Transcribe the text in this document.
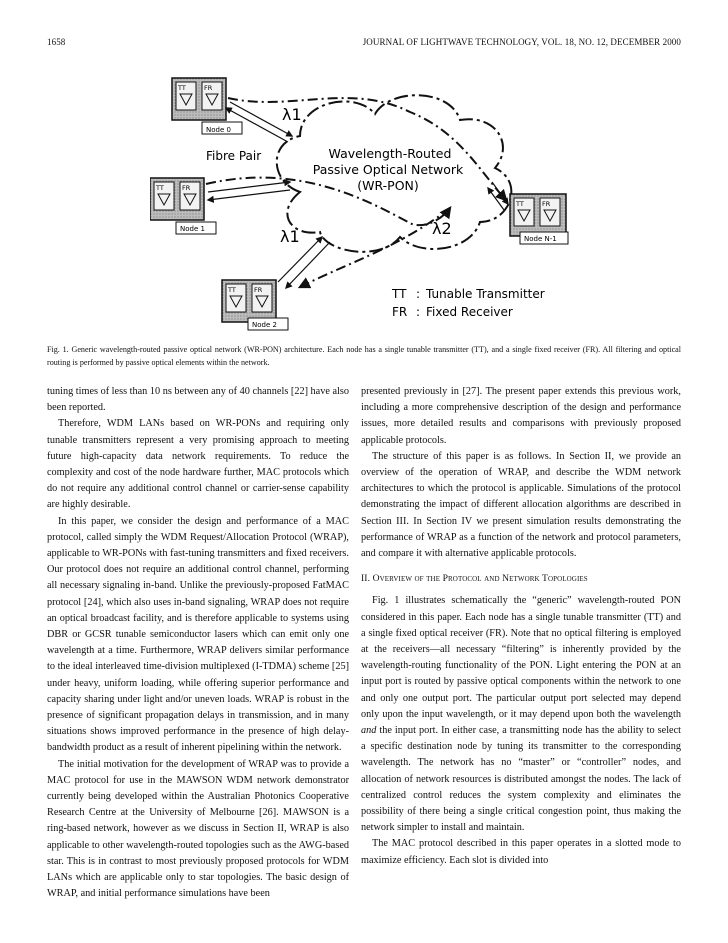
1658	JOURNAL OF LIGHTWAVE TECHNOLOGY, VOL. 18, NO. 12, DECEMBER 2000
Wavelength-Routed
Passive Optical Network
(WR-PON)
TT	FR
Node 0
TT	FR
Node 1
TT	FR
Node 2
TT	FR
Node N-1
Fibre Pair
λ1
λ1	λ2
TT : Tunable Transmitter
FR : Fixed Receiver
Fig. 1. Generic wavelength-routed passive optical network (WR-PON) architecture. Each node has a single tunable transmitter (TT), and a single fixed receiver (FR). All filtering and optical routing is performed by passive optical elements within the network.

tuning times of less than 10 ns between any of 40 channels [22] have also been reported.

Therefore, WDM LANs based on WR-PONs and requiring only tunable transmitters represent a very promising approach to meeting future high-capacity data network requirements. To reduce the complexity and cost of the node hardware further, MAC protocols which do not require any additional control channel or carrier-sense capability are highly desirable.

In this paper, we consider the design and performance of a MAC protocol, called simply the WDM Request/Allocation Protocol (WRAP), applicable to WR-PONs with fast-tuning transmitters and fixed receivers. Our protocol does not require an additional control channel, performing all necessary signaling in-band. Unlike the previously-proposed FatMAC protocol [24], which also uses in-band signaling, WRAP does not require an optical broadcast facility, and is therefore applicable to systems using DBR or GCSR tunable semiconductor lasers which can emit only one wavelength at a time. Furthermore, WRAP delivers similar performance to the ideal interleaved time-division multiplexed (I-TDMA) scheme [25] under heavy, uniform loading, while offering superior performance and capacity sharing under light and/or uneven loads. WRAP is robust in the presence of significant propagation delays in transmission, and in many situations shows improved performance in the presence of high delay-bandwidth product as a result of inherent pipelining within the network.

The initial motivation for the development of WRAP was to provide a MAC protocol for use in the MAWSON WDM network demonstrator currently being developed within the Australian Photonics Cooperative Research Centre at the University of Melbourne [26]. MAWSON is a ring-based network, however as we discuss in Section II, WRAP is also applicable to other wavelength-routed topologies such as the AWG-based star. This is in contrast to most previously proposed protocols for WDM LANs which are applicable only to star topologies. The basic design of WRAP, and initial performance simulations have been

presented previously in [27]. The present paper extends this previous work, including a more comprehensive description of the design and performance issues, more detailed results and comparisons with previously proposed applicable protocols.

The structure of this paper is as follows. In Section II, we provide an overview of the operation of WRAP, and describe the WDM network architectures to which the protocol is applicable. Simulations of the protocol demonstrating the impact of different allocation algorithms are described in Section III. In Section IV we present simulation results demonstrating the performance of WRAP as a function of the network and protocol parameters, and compare it with alternative applicable protocols.

II. Overview of the Protocol and Network Topologies

Fig. 1 illustrates schematically the “generic” wavelength-routed PON considered in this paper. Each node has a single tunable transmitter (TT) and a single fixed optical receiver (FR). Note that no optical filtering is employed at the receivers—all necessary “filtering” is inherently provided by the wavelength-routing functionality of the PON. Light entering the PON at an input port is routed by passive optical components within the network to one and only one output port. The particular output port selected may depend only upon the input wavelength, or it may depend upon both the wavelength and the input port. In either case, a transmitting node has the ability to select a specific destination node by tuning its transmitter to the corresponding wavelength. The network has no “master” or “controller” nodes, and allocation of network resources is distributed amongst the nodes. The lack of centralized control reduces the system complexity and eliminates the possibility of there being a single critical congestion point, thus making the network simpler to install and maintain.

The MAC protocol described in this paper operates in a slotted mode to maximize efficiency. Each slot is divided into
